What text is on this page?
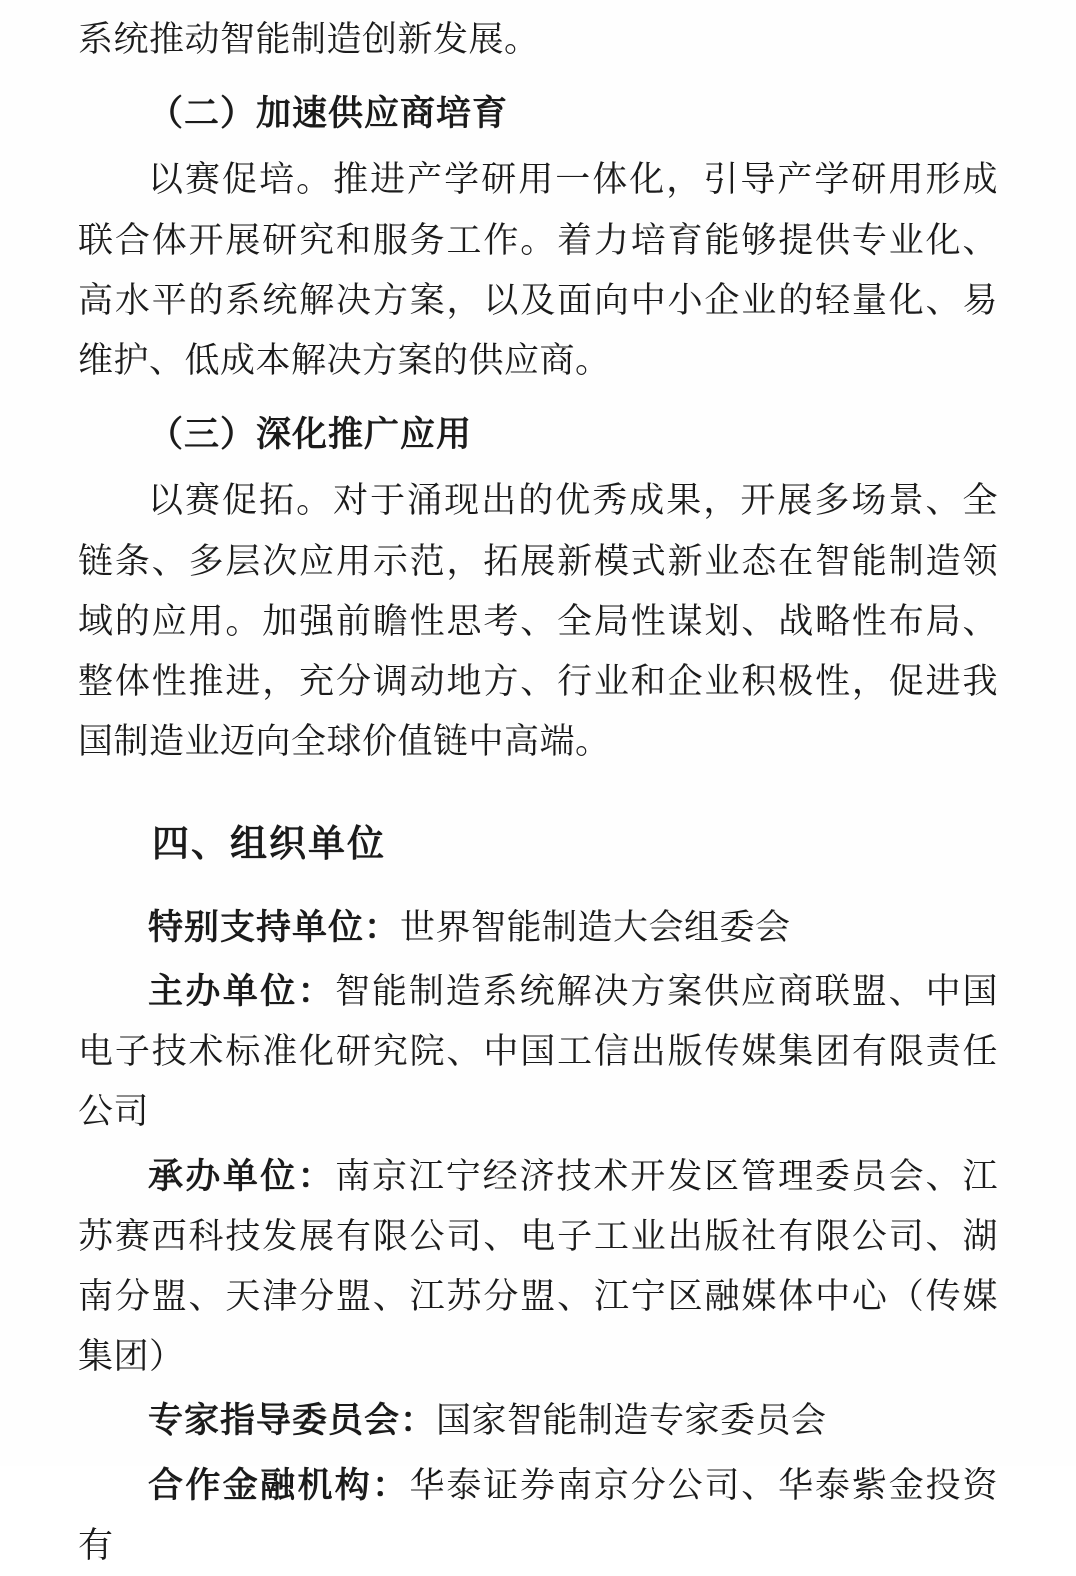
系统推动智能制造创新发展。

（二）加速供应商培育

以赛促培。推进产学研用一体化，引导产学研用形成联合体开展研究和服务工作。着力培育能够提供专业化、高水平的系统解决方案，以及面向中小企业的轻量化、易维护、低成本解决方案的供应商。

（三）深化推广应用

以赛促拓。对于涌现出的优秀成果，开展多场景、全链条、多层次应用示范，拓展新模式新业态在智能制造领域的应用。加强前瞻性思考、全局性谋划、战略性布局、整体性推进，充分调动地方、行业和企业积极性，促进我国制造业迈向全球价值链中高端。

四、组织单位

特别支持单位：世界智能制造大会组委会

主办单位：智能制造系统解决方案供应商联盟、中国电子技术标准化研究院、中国工信出版传媒集团有限责任公司

承办单位：南京江宁经济技术开发区管理委员会、江苏赛西科技发展有限公司、电子工业出版社有限公司、湖南分盟、天津分盟、江苏分盟、江宁区融媒体中心（传媒集团）

专家指导委员会：国家智能制造专家委员会

合作金融机构：华泰证券南京分公司、华泰紫金投资有
